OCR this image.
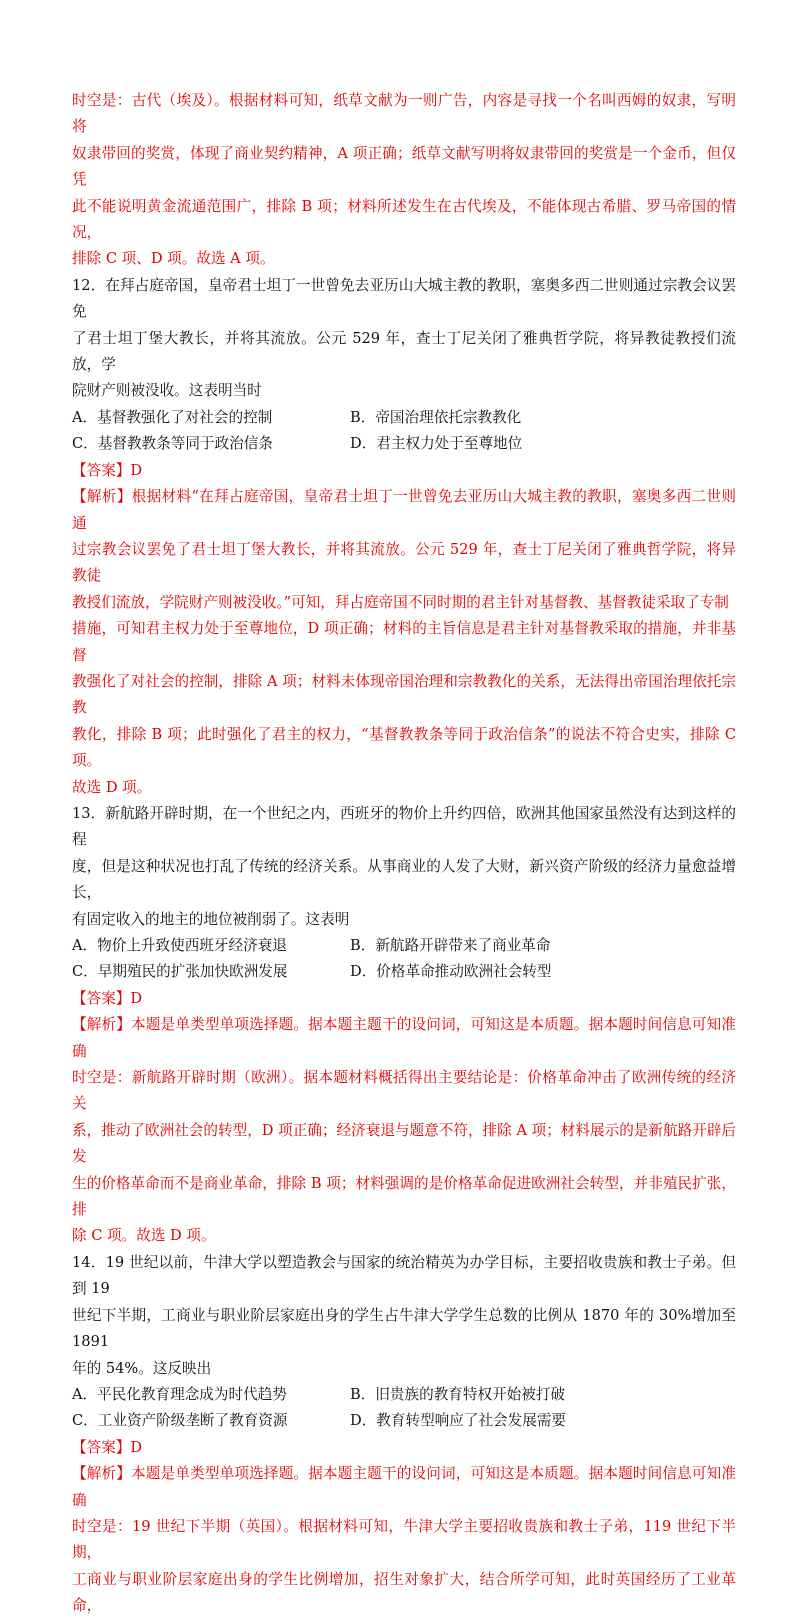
时空是：古代（埃及）。根据材料可知，纸草文献为一则广告，内容是寻找一个名叫西姆的奴隶，写明将

奴隶带回的奖赏，体现了商业契约精神，A 项正确；纸草文献写明将奴隶带回的奖赏是一个金币，但仅凭

此不能说明黄金流通范围广，排除 B 项；材料所述发生在古代埃及，不能体现古希腊、罗马帝国的情况，

排除 C 项、D 项。故选 A 项。

12．在拜占庭帝国，皇帝君士坦丁一世曾免去亚历山大城主教的教职，塞奥多西二世则通过宗教会议罢免

了君士坦丁堡大教长，并将其流放。公元 529 年，查士丁尼关闭了雅典哲学院，将异教徒教授们流放，学

院财产则被没收。这表明当时

A．基督教强化了对社会的控制	B．帝国治理依托宗教教化
C．基督教教条等同于政治信条	D．君主权力处于至尊地位

【答案】D

【解析】根据材料“在拜占庭帝国，皇帝君士坦丁一世曾免去亚历山大城主教的教职，塞奥多西二世则通

过宗教会议罢免了君士坦丁堡大教长，并将其流放。公元 529 年，查士丁尼关闭了雅典哲学院，将异教徒

教授们流放，学院财产则被没收。”可知，拜占庭帝国不同时期的君主针对基督教、基督教徒采取了专制

措施，可知君主权力处于至尊地位，D 项正确；材料的主旨信息是君主针对基督教采取的措施，并非基督

教强化了对社会的控制，排除 A 项；材料未体现帝国治理和宗教教化的关系，无法得出帝国治理依托宗教

教化，排除 B 项；此时强化了君主的权力，“基督教教条等同于政治信条”的说法不符合史实，排除 C 项。

故选 D 项。

13．新航路开辟时期，在一个世纪之内，西班牙的物价上升约四倍，欧洲其他国家虽然没有达到这样的程

度，但是这种状况也打乱了传统的经济关系。从事商业的人发了大财，新兴资产阶级的经济力量愈益增长，

有固定收入的地主的地位被削弱了。这表明

A．物价上升致使西班牙经济衰退	B．新航路开辟带来了商业革命
C．早期殖民的扩张加快欧洲发展	D．价格革命推动欧洲社会转型

【答案】D

【解析】本题是单类型单项选择题。据本题主题干的设问词，可知这是本质题。据本题时间信息可知准确

时空是：新航路开辟时期（欧洲）。据本题材料概括得出主要结论是：价格革命冲击了欧洲传统的经济关

系，推动了欧洲社会的转型，D 项正确；经济衰退与题意不符，排除 A 项；材料展示的是新航路开辟后发

生的价格革命而不是商业革命，排除 B 项；材料强调的是价格革命促进欧洲社会转型，并非殖民扩张，排

除 C 项。故选 D 项。

14．19 世纪以前，牛津大学以塑造教会与国家的统治精英为办学目标，主要招收贵族和教士子弟。但到 19

世纪下半期，工商业与职业阶层家庭出身的学生占牛津大学学生总数的比例从 1870 年的 30%增加至 1891

年的 54%。这反映出

A．平民化教育理念成为时代趋势	B．旧贵族的教育特权开始被打破
C．工业资产阶级垄断了教育资源	D．教育转型响应了社会发展需要

【答案】D

【解析】本题是单类型单项选择题。据本题主题干的设问词，可知这是本质题。据本题时间信息可知准确

时空是：19 世纪下半期（英国）。根据材料可知，牛津大学主要招收贵族和教士子弟，119 世纪下半期，

工商业与职业阶层家庭出身的学生比例增加，招生对象扩大，结合所学可知，此时英国经历了工业革命，
